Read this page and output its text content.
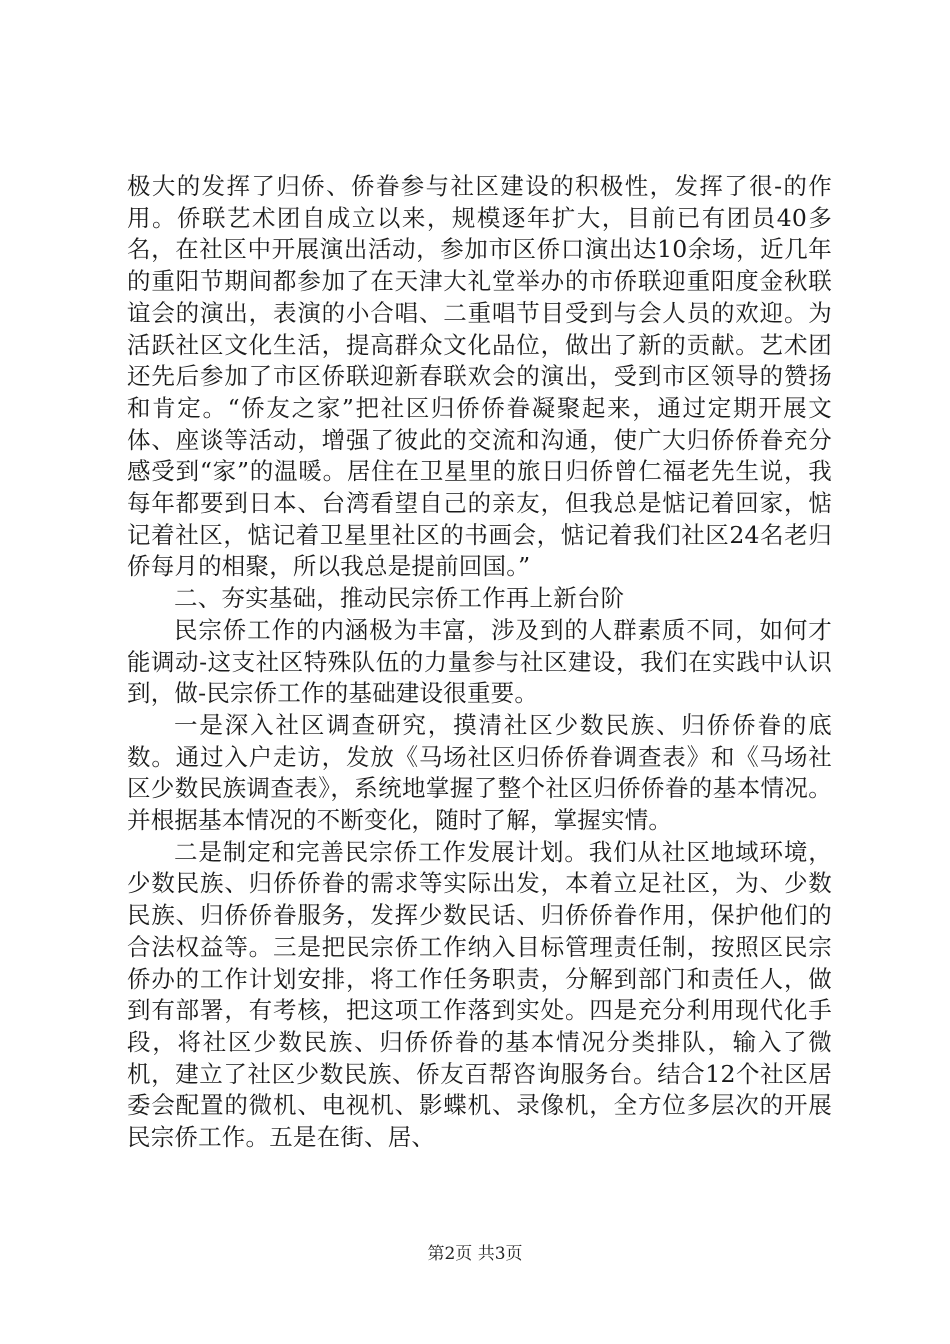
极大的发挥了归侨、侨眷参与社区建设的积极性，发挥了很-的作用。侨联艺术团自成立以来，规模逐年扩大，目前已有团员40多名，在社区中开展演出活动，参加市区侨口演出达10余场，近几年的重阳节期间都参加了在天津大礼堂举办的市侨联迎重阳度金秋联谊会的演出，表演的小合唱、二重唱节目受到与会人员的欢迎。为活跃社区文化生活，提高群众文化品位，做出了新的贡献。艺术团还先后参加了市区侨联迎新春联欢会的演出，受到市区领导的赞扬和肯定。“侨友之家”把社区归侨侨眷凝聚起来，通过定期开展文体、座谈等活动，增强了彼此的交流和沟通，使广大归侨侨眷充分感受到“家”的温暖。居住在卫星里的旅日归侨曾仁福老先生说，我每年都要到日本、台湾看望自己的亲友，但我总是惦记着回家，惦记着社区，惦记着卫星里社区的书画会，惦记着我们社区24名老归侨每月的相聚，所以我总是提前回国。”

二、夯实基础，推动民宗侨工作再上新台阶

民宗侨工作的内涵极为丰富，涉及到的人群素质不同，如何才能调动-这支社区特殊队伍的力量参与社区建设，我们在实践中认识到，做-民宗侨工作的基础建设很重要。

一是深入社区调查研究，摸清社区少数民族、归侨侨眷的底数。通过入户走访，发放《马场社区归侨侨眷调查表》和《马场社区少数民族调查表》，系统地掌握了整个社区归侨侨眷的基本情况。并根据基本情况的不断变化，随时了解，掌握实情。

二是制定和完善民宗侨工作发展计划。我们从社区地域环境，少数民族、归侨侨眷的需求等实际出发，本着立足社区，为、少数民族、归侨侨眷服务，发挥少数民话、归侨侨眷作用，保护他们的合法权益等。三是把民宗侨工作纳入目标管理责任制，按照区民宗侨办的工作计划安排，将工作任务职责，分解到部门和责任人，做到有部署，有考核，把这项工作落到实处。四是充分利用现代化手段，将社区少数民族、归侨侨眷的基本情况分类排队，输入了微机，建立了社区少数民族、侨友百帮咨询服务台。结合12个社区居委会配置的微机、电视机、影蝶机、录像机，全方位多层次的开展民宗侨工作。五是在街、居、

第2页 共3页
